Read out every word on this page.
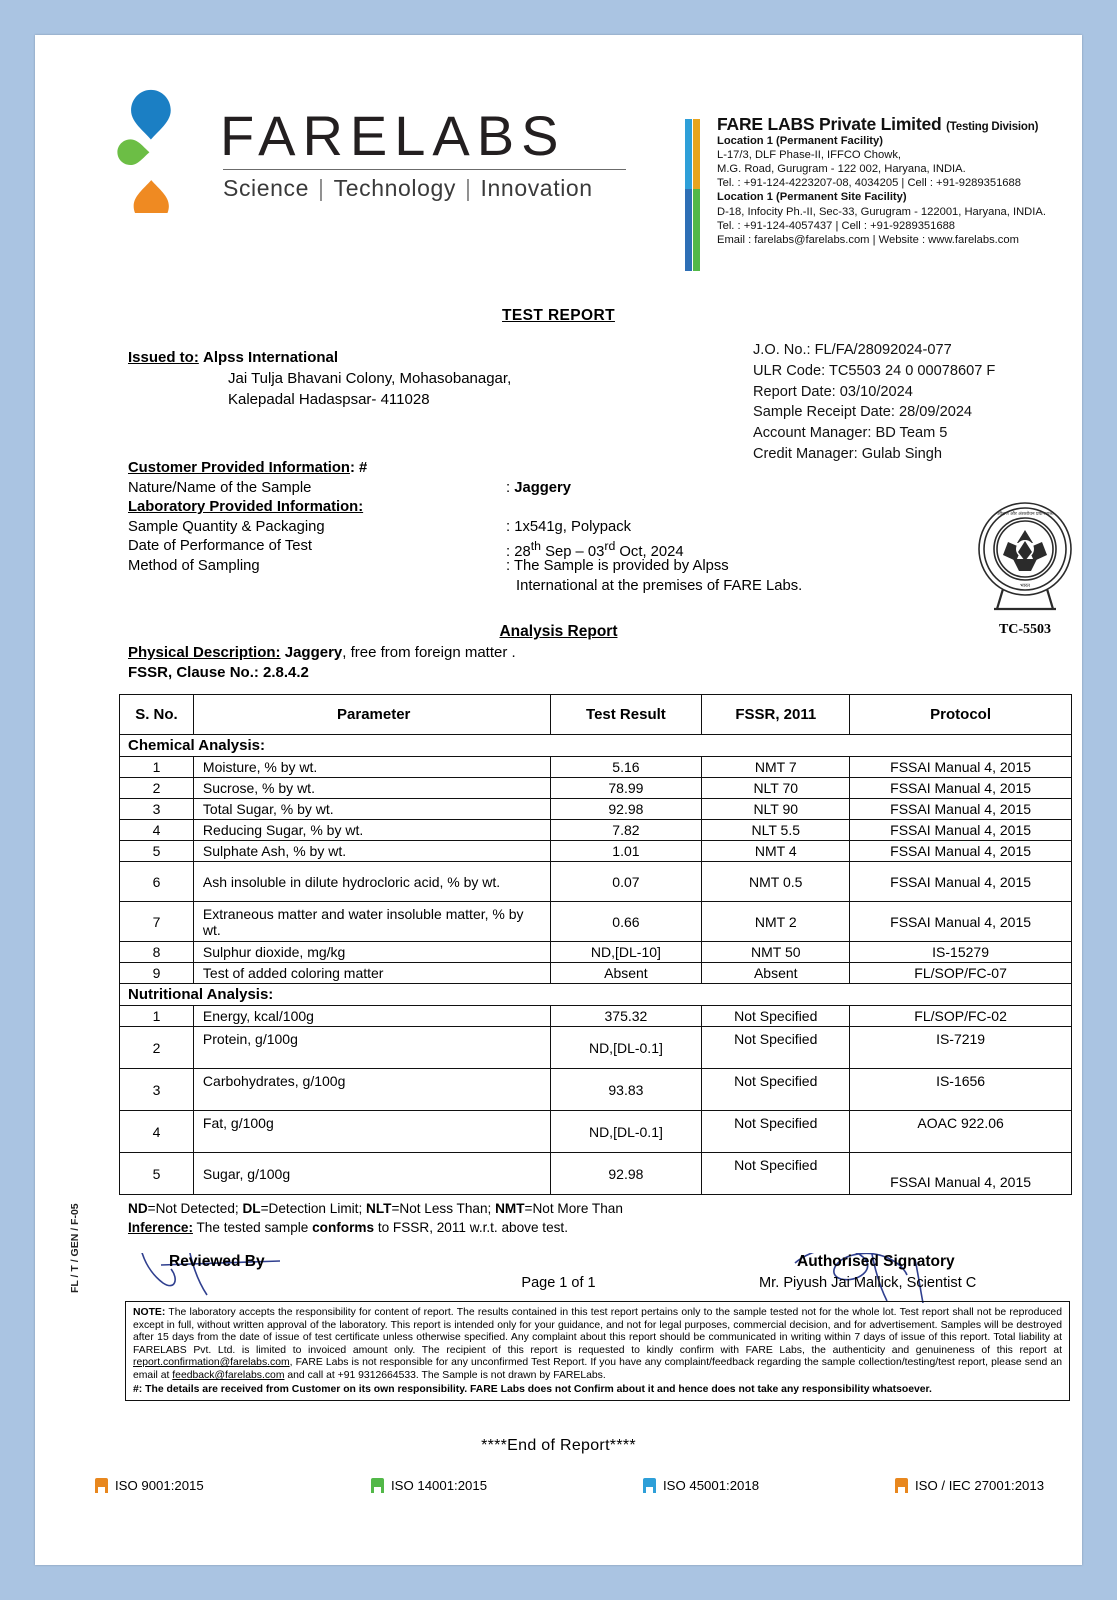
FARELABS
Science | Technology | Innovation
FARE LABS Private Limited (Testing Division)
Location 1 (Permanent Facility)
L-17/3, DLF Phase-II, IFFCO Chowk,
M.G. Road, Gurugram - 122 002, Haryana, INDIA.
Tel. : +91-124-4223207-08, 4034205 | Cell : +91-9289351688
Location 1 (Permanent Site Facility)
D-18, Infocity Ph.-II, Sec-33, Gurugram - 122001, Haryana, INDIA.
Tel. : +91-124-4057437 | Cell : +91-9289351688
Email : farelabs@farelabs.com | Website : www.farelabs.com
TEST REPORT
Issued to: Alpss International
Jai Tulja Bhavani Colony, Mohasobanagar,
Kalepadal Hadaspsar- 411028
J.O. No.: FL/FA/28092024-077
ULR Code: TC5503 24 0 00078607 F
Report Date: 03/10/2024
Sample Receipt Date: 28/09/2024
Account Manager: BD Team 5
Credit Manager: Gulab Singh
Customer Provided Information: #
Nature/Name of the Sample	: Jaggery
Laboratory Provided Information:
Sample Quantity & Packaging	: 1x541g, Polypack
Date of Performance of Test	: 28th Sep – 03rd Oct, 2024
Method of Sampling	: The Sample is provided by Alpss
International at the premises of FARE Labs.	भारत
परीक्षण और अंशशोधन प्रयोगशाला
TC-5503
Analysis Report
Physical Description: Jaggery, free from foreign matter .
FSSR, Clause No.: 2.8.4.2
S. No.	Parameter	Test Result	FSSR, 2011	Protocol
Chemical Analysis:				
1	Moisture, % by wt.	5.16	NMT 7	FSSAI Manual 4, 2015
2	Sucrose, % by wt.	78.99	NLT 70	FSSAI Manual 4, 2015
3	Total Sugar, % by wt.	92.98	NLT 90	FSSAI Manual 4, 2015
4	Reducing Sugar, % by wt.	7.82	NLT 5.5	FSSAI Manual 4, 2015
5	Sulphate Ash, % by wt.	1.01	NMT 4	FSSAI Manual 4, 2015
6	Ash insoluble in dilute hydrocloric acid, % by wt.	0.07	NMT 0.5	FSSAI Manual 4, 2015
7	Extraneous matter and water insoluble matter, % by wt.	0.66	NMT 2	FSSAI Manual 4, 2015
8	Sulphur dioxide, mg/kg	ND,[DL-10]	NMT 50	IS-15279
9	Test of added coloring matter	Absent	Absent	FL/SOP/FC-07
Nutritional Analysis:				
1	Energy, kcal/100g	375.32	Not Specified	FL/SOP/FC-02
2	Protein, g/100g	ND,[DL-0.1]	Not Specified	IS-7219
3	Carbohydrates, g/100g	93.83	Not Specified	IS-1656
4	Fat, g/100g	ND,[DL-0.1]	Not Specified	AOAC 922.06
5	Sugar, g/100g	92.98	Not Specified	FSSAI Manual 4, 2015
ND=Not Detected; DL=Detection Limit; NLT=Not Less Than; NMT=Not More Than
Inference: The tested sample conforms to FSSR, 2011 w.r.t. above test.
Reviewed By
Page 1 of 1
Authorised Signatory
Mr. Piyush Jai Mallick, Scientist C
NOTE: The laboratory accepts the responsibility for content of report. The results contained in this test report pertains only to the sample tested not for the whole lot. Test report shall not be reproduced except in full, without written approval of the laboratory. This report is intended only for your guidance, and not for legal purposes, commercial decision, and for advertisement. Samples will be destroyed after 15 days from the date of issue of test certificate unless otherwise specified. Any complaint about this report should be communicated in writing within 7 days of issue of this report. Total liability at FARELABS Pvt. Ltd. is limited to invoiced amount only. The recipient of this report is requested to kindly confirm with FARE Labs, the authenticity and genuineness of this report at report.confirmation@farelabs.com, FARE Labs is not responsible for any unconfirmed Test Report. If you have any complaint/feedback regarding the sample collection/testing/test report, please send an email at feedback@farelabs.com and call at +91 9312664533. The Sample is not drawn by FARELabs.
#: The details are received from Customer on its own responsibility. FARE Labs does not Confirm about it and hence does not take any responsibility whatsoever.
FL / T / GEN / F-05
****End of Report****
ISO 9001:2015	ISO 14001:2015	ISO 45001:2018	ISO / IEC 27001:2013
